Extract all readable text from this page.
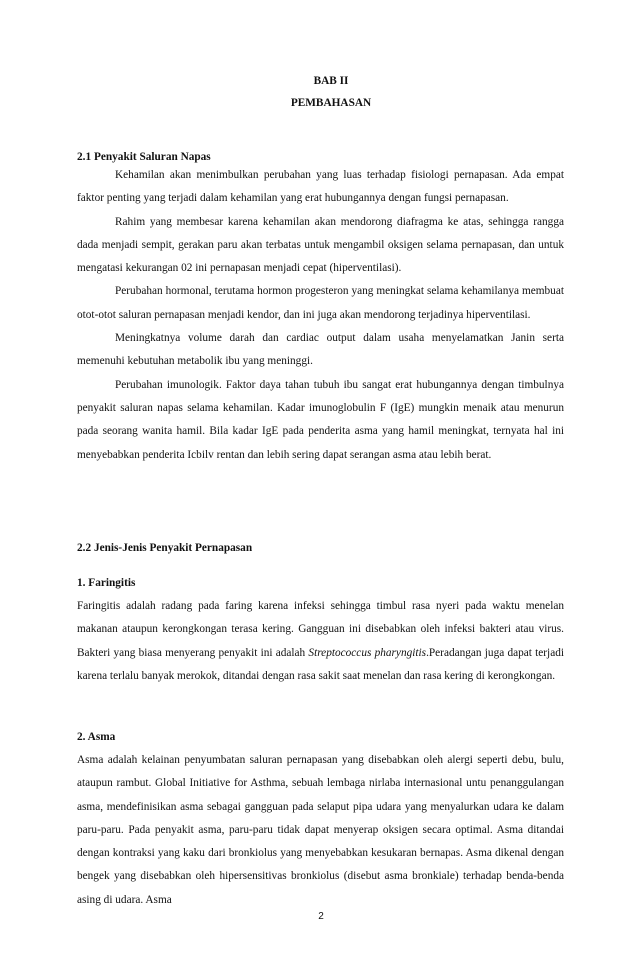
BAB II
PEMBAHASAN
2.1 Penyakit Saluran Napas

Kehamilan akan menimbulkan perubahan yang luas terhadap fisiologi pernapasan. Ada empat faktor penting yang terjadi dalam kehamilan yang erat hubungannya dengan fungsi pernapasan.

Rahim yang membesar karena kehamilan akan mendorong diafragma ke atas, sehingga rangga dada menjadi sempit, gerakan paru akan terbatas untuk mengambil oksigen selama pernapasan, dan untuk mengatasi kekurangan 02 ini pernapasan menjadi cepat (hiperventilasi).

Perubahan hormonal, terutama hormon progesteron yang meningkat selama kehamilanya membuat otot-otot saluran pernapasan menjadi kendor, dan ini juga akan mendorong terjadinya hiperventilasi.

Meningkatnya volume darah dan cardiac output dalam usaha menyelamatkan Janin serta memenuhi kebutuhan metabolik ibu yang meninggi.

Perubahan imunologik. Faktor daya tahan tubuh ibu sangat erat hubungannya dengan timbulnya penyakit saluran napas selama kehamilan. Kadar imunoglobulin F (IgE) mungkin menaik atau menurun pada seorang wanita hamil. Bila kadar IgE pada penderita asma yang hamil meningkat, ternyata hal ini menyebabkan penderita Icbilv rentan dan lebih sering dapat serangan asma atau lebih berat.

2.2 Jenis-Jenis Penyakit Pernapasan
1. Faringitis

Faringitis adalah radang pada faring karena infeksi sehingga timbul rasa nyeri pada waktu menelan makanan ataupun kerongkongan terasa kering. Gangguan ini disebabkan oleh infeksi bakteri atau virus. Bakteri yang biasa menyerang penyakit ini adalah Streptococcus pharyngitis.Peradangan juga dapat terjadi karena terlalu banyak merokok, ditandai dengan rasa sakit saat menelan dan rasa kering di kerongkongan.

2. Asma

Asma adalah kelainan penyumbatan saluran pernapasan yang disebabkan oleh alergi seperti debu, bulu, ataupun rambut. Global Initiative for Asthma, sebuah lembaga nirlaba internasional untu penanggulangan asma, mendefinisikan asma sebagai gangguan pada selaput pipa udara yang menyalurkan udara ke dalam paru-paru. Pada penyakit asma, paru-paru tidak dapat menyerap oksigen secara optimal. Asma ditandai dengan kontraksi yang kaku dari bronkiolus yang menyebabkan kesukaran bernapas. Asma dikenal dengan bengek yang disebabkan oleh hipersensitivas bronkiolus (disebut asma bronkiale) terhadap benda-benda asing di udara. Asma

2
